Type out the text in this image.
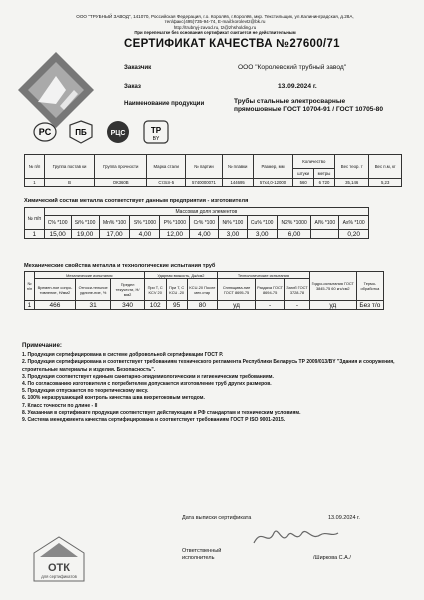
ООО "ТРУБНЫЙ ЗАВОД", 141070, Российская Федерация, г.о. Королёв, г.Королёв, мкр. Текстильщик, ул.Калининградская, д.28А,
тел/факс(495)735-94-74, E-mail:korolevtz@bk.ru
http://trubnyj-zavod.ru, tz@zhsholding.ru
При перепечатке без основания сертификат считается не действительным
СЕРТИФИКАТ КАЧЕСТВА №27600/71
Заказчик	ООО "Королевский трубный завод"
Заказ	13.09.2024 г.
Наименование продукции	Трубы стальные электросварные прямошовные ГОСТ 10704-91 / ГОСТ 10705-80
PC	ПБ	РЦС	TP
BY
№ п/п	Группа постав ки	Группа прочности	Марка стали	№ партии	№ плавки	Размер, мм	Количество		Вес теор. т	Вес п.м, кг
							штуки	метры		
1	В	ОК360В	Ст3сп-5	5740000071	144695	57х4,0-12000	560	6 720	35,146	5,23
Химический состав металла соответствует данным предприятия - изготовителя
№ п/п	Массовая доля элементов										
	C% *100	Si% *100	Mn% *100	S% *1000	P% *1000	Cr% *100	Ni% *100	Cu% *100	N2% *1000	Al% *100	As% *100
1	15,00	19,00	17,00	4,00	12,00	4,00	3,00	3,00	6,00		0,20
Механические свойства металла и технологические испытания труб
№ п/п	Механические испытания			Ударная вязкость, Дж/см2			Технологические испытания			Гидро-испытания ГОСТ 3845-75 60 кгс/см2	Термо-обработка
	Времен-ное сопро-тивление, Н/мм2	Относи-тельное удлине-ние, %	Предел текучести, Н/мм2	При Т, С KCV 20	При Т, С KCU -20	KCU-20 После мех.стар	Сплющива-ние ГОСТ 8695-75	Раздача ГОСТ 8694-75	Загиб ГОСТ 3728-78		
1	466	31	340	102	95	80	уд	-	-	уд	Без т/о
Примечание:
1. Продукция сертифицирована в системе добровольной сертификации ГОСТ Р.
2. Продукция сертифицирована и соответствует требованиям технического регламента Республики Беларусь ТР 2009/013/BY "Здания и сооружения, строительные материалы и изделия. Безопасность".
3. Продукция соответствует единым санитарно-эпидемиологическим и гигиеническим требованиям.
4. По согласованию изготовителя с потребителем допускается изготовление труб других размеров.
5. Продукция отпускается по теоретическому весу.
6. 100% неразрушающий контроль качества шва вихретоковым методом.
7. Класс точности по длине - II
8. Указанная в сертификате продукция соответствует действующим в РФ стандартам и техническим условиям.
9. Система менеджмента качества сертифицирована и соответствует требованиям ГОСТ Р ISO 9001-2015.
Дата выписки сертификата	13.09.2024 г.
Ответственный
исполнитель	/Ширкова С.А./
ОТК
для сертификатов
